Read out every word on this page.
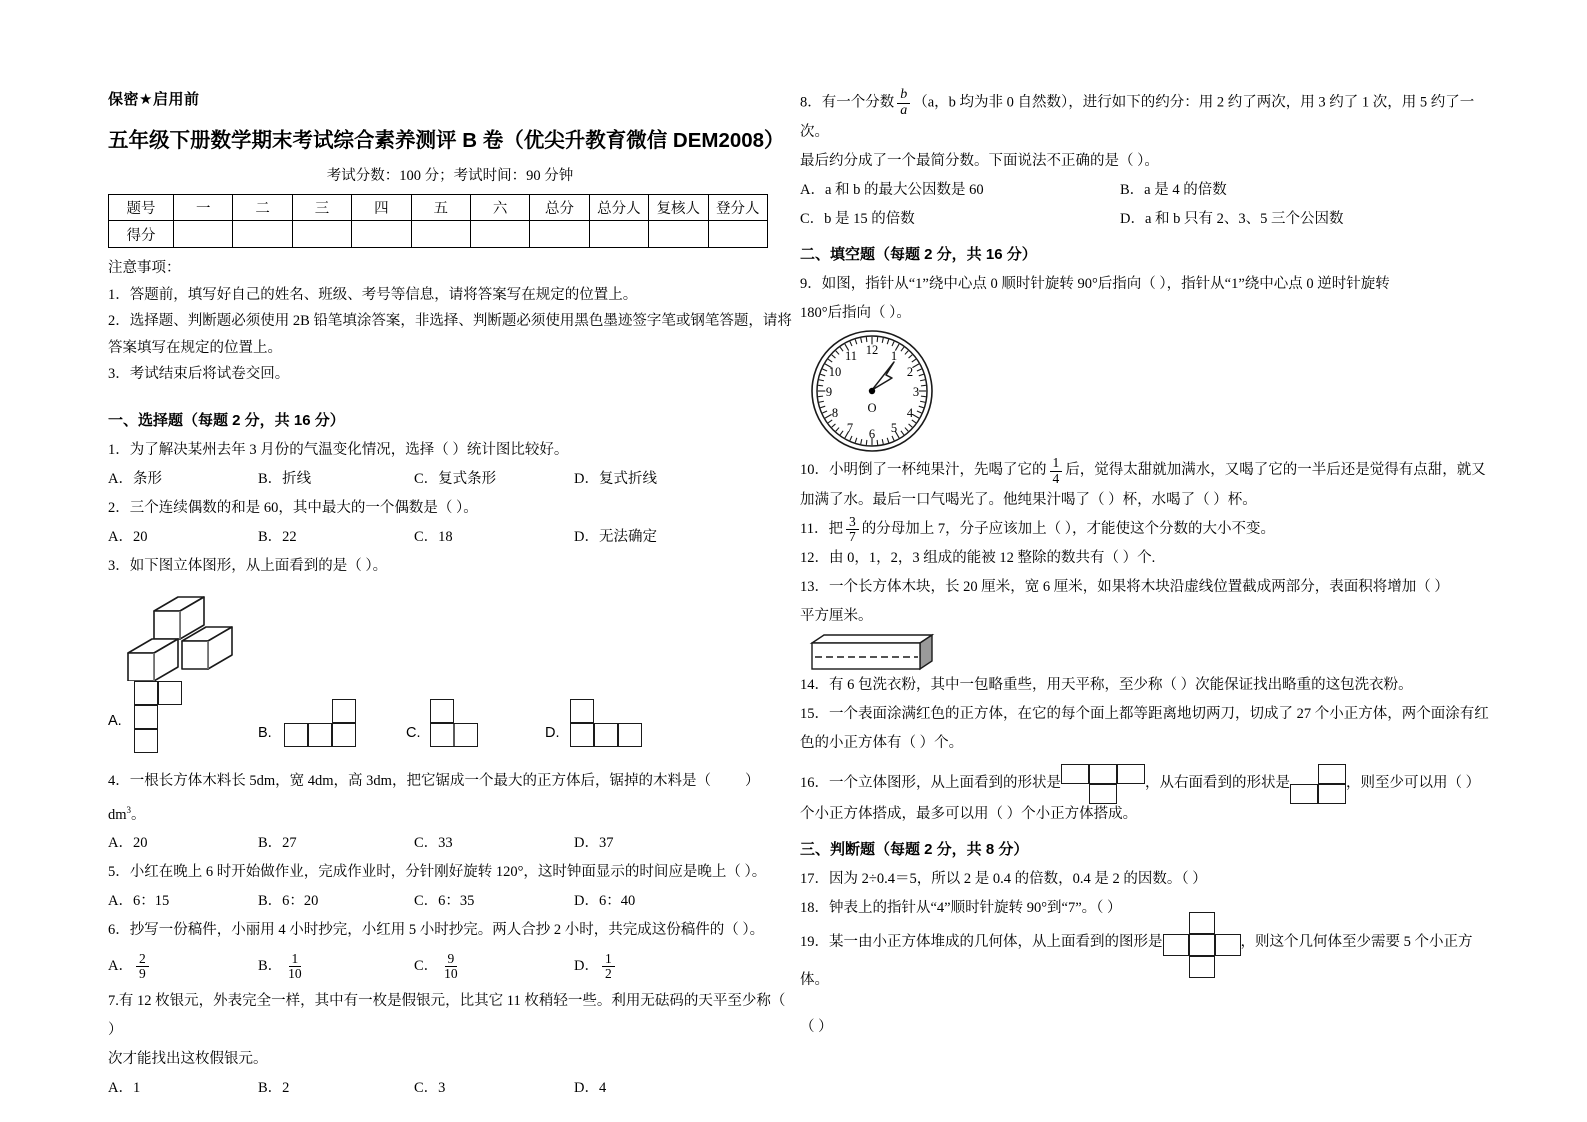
保密★启用前
五年级下册数学期末考试综合素养测评 B 卷（优尖升教育微信 DEM2008）
考试分数：100 分；考试时间：90 分钟
题号	一	二	三	四	五	六	总分	总分人	复核人	登分人
得分										
注意事项：
1．答题前，填写好自己的姓名、班级、考号等信息，请将答案写在规定的位置上。
2．选择题、判断题必须使用 2B 铅笔填涂答案，非选择、判断题必须使用黑色墨迹签字笔或钢笔答题，请将
答案填写在规定的位置上。
3．考试结束后将试卷交回。
一、选择题（每题 2 分，共 16 分）
1．为了解决某州去年 3 月份的气温变化情况，选择（ ）统计图比较好。
A．条形	B．折线	C．复式条形	D．复式折线
2．三个连续偶数的和是 60，其中最大的一个偶数是（ ）。
A．20	B．22	C．18	D．无法确定
3．如下图立体图形，从上面看到的是（ ）。
A.
B.	C.	D.
4．一根长方体木料长 5dm，宽 4dm，高 3dm，把它锯成一个最大的正方体后，锯掉的木料是（ ）$dm^3$。
A．20	B．27	C．33	D．37
5．小红在晚上 6 时开始做作业，完成作业时，分针刚好旋转 120°，这时钟面显示的时间应是晚上（ ）。
A．6：15	B．6：20	C．6：35	D．6：40
6．抄写一份稿件，小丽用 4 小时抄完，小红用 5 小时抄完。两人合抄 2 小时，共完成这份稿件的（ ）。
A． $\frac{2}{9}$	B． $\frac{1}{10}$	C． $\frac{9}{10}$	D． $\frac{1}{2}$
7.有 12 枚银元，外表完全一样，其中有一枚是假银元，比其它 11 枚稍轻一些。利用无砝码的天平至少称（ ）
次才能找出这枚假银元。
A．1	B．2	C．3	D．4
8．有一个分数 $\frac{b}{a} (a$，b 均为非 0 自然数），进行如下的约分：用 2 约了两次，用 3 约了 1 次，用 5 约了一次。
最后约分成了一个最简分数。下面说法不正确的是（ ）。
A．a 和 b 的最大公因数是 60	B．a 是 4 的倍数
C．b 是 15 的倍数	D．a 和 b 只有 2、3、5 三个公因数
二、填空题（每题 2 分，共 16 分）
9．如图，指针从“1”绕中心点 0 顺时针旋转 90°后指向（ ），指针从“1”绕中心点 0 逆时针旋转
180°后指向（ ）。
12 1
2
3
4
5
6
7
8
9
10
11
O
10．小明倒了一杯纯果汁，先喝了它的 $\frac{1}{4}$ 后，觉得太甜就加满水，又喝了它的一半后还是觉得有点甜，就又
加满了水。最后一口气喝光了。他纯果汁喝了（ ）杯，水喝了（ ）杯。
11．把 $\frac{3}{7}$ 的分母加上 7，分子应该加上（ ），才能使这个分数的大小不变。
12．由 0，1，2，3 组成的能被 12 整除的数共有（ ）个.
13．一个长方体木块，长 20 厘米，宽 6 厘米，如果将木块沿虚线位置截成两部分，表面积将增加（ ）
平方厘米。
14．有 6 包洗衣粉，其中一包略重些，用天平称，至少称（ ）次能保证找出略重的这包洗衣粉。
15．一个表面涂满红色的正方体，在它的每个面上都等距离地切两刀，切成了 27 个小正方体，两个面涂有红
色的小正方体有（ ）个。
16．一个立体图形，从上面看到的形状是	，从右面看到的形状是	，则至少可以用（ ）
个小正方体搭成，最多可以用（ ）个小正方体搭成。
三、判断题（每题 2 分，共 8 分）
17．因为 2÷0.4＝5，所以 2 是 0.4 的倍数，0.4 是 2 的因数。（ ）
18．钟表上的指针从“4”顺时针旋转 90°到“7”。（ ）
19．某一由小正方体堆成的几何体，从上面看到的图形是	，则这个几何体至少需要 5 个小正方体。
（ ）
